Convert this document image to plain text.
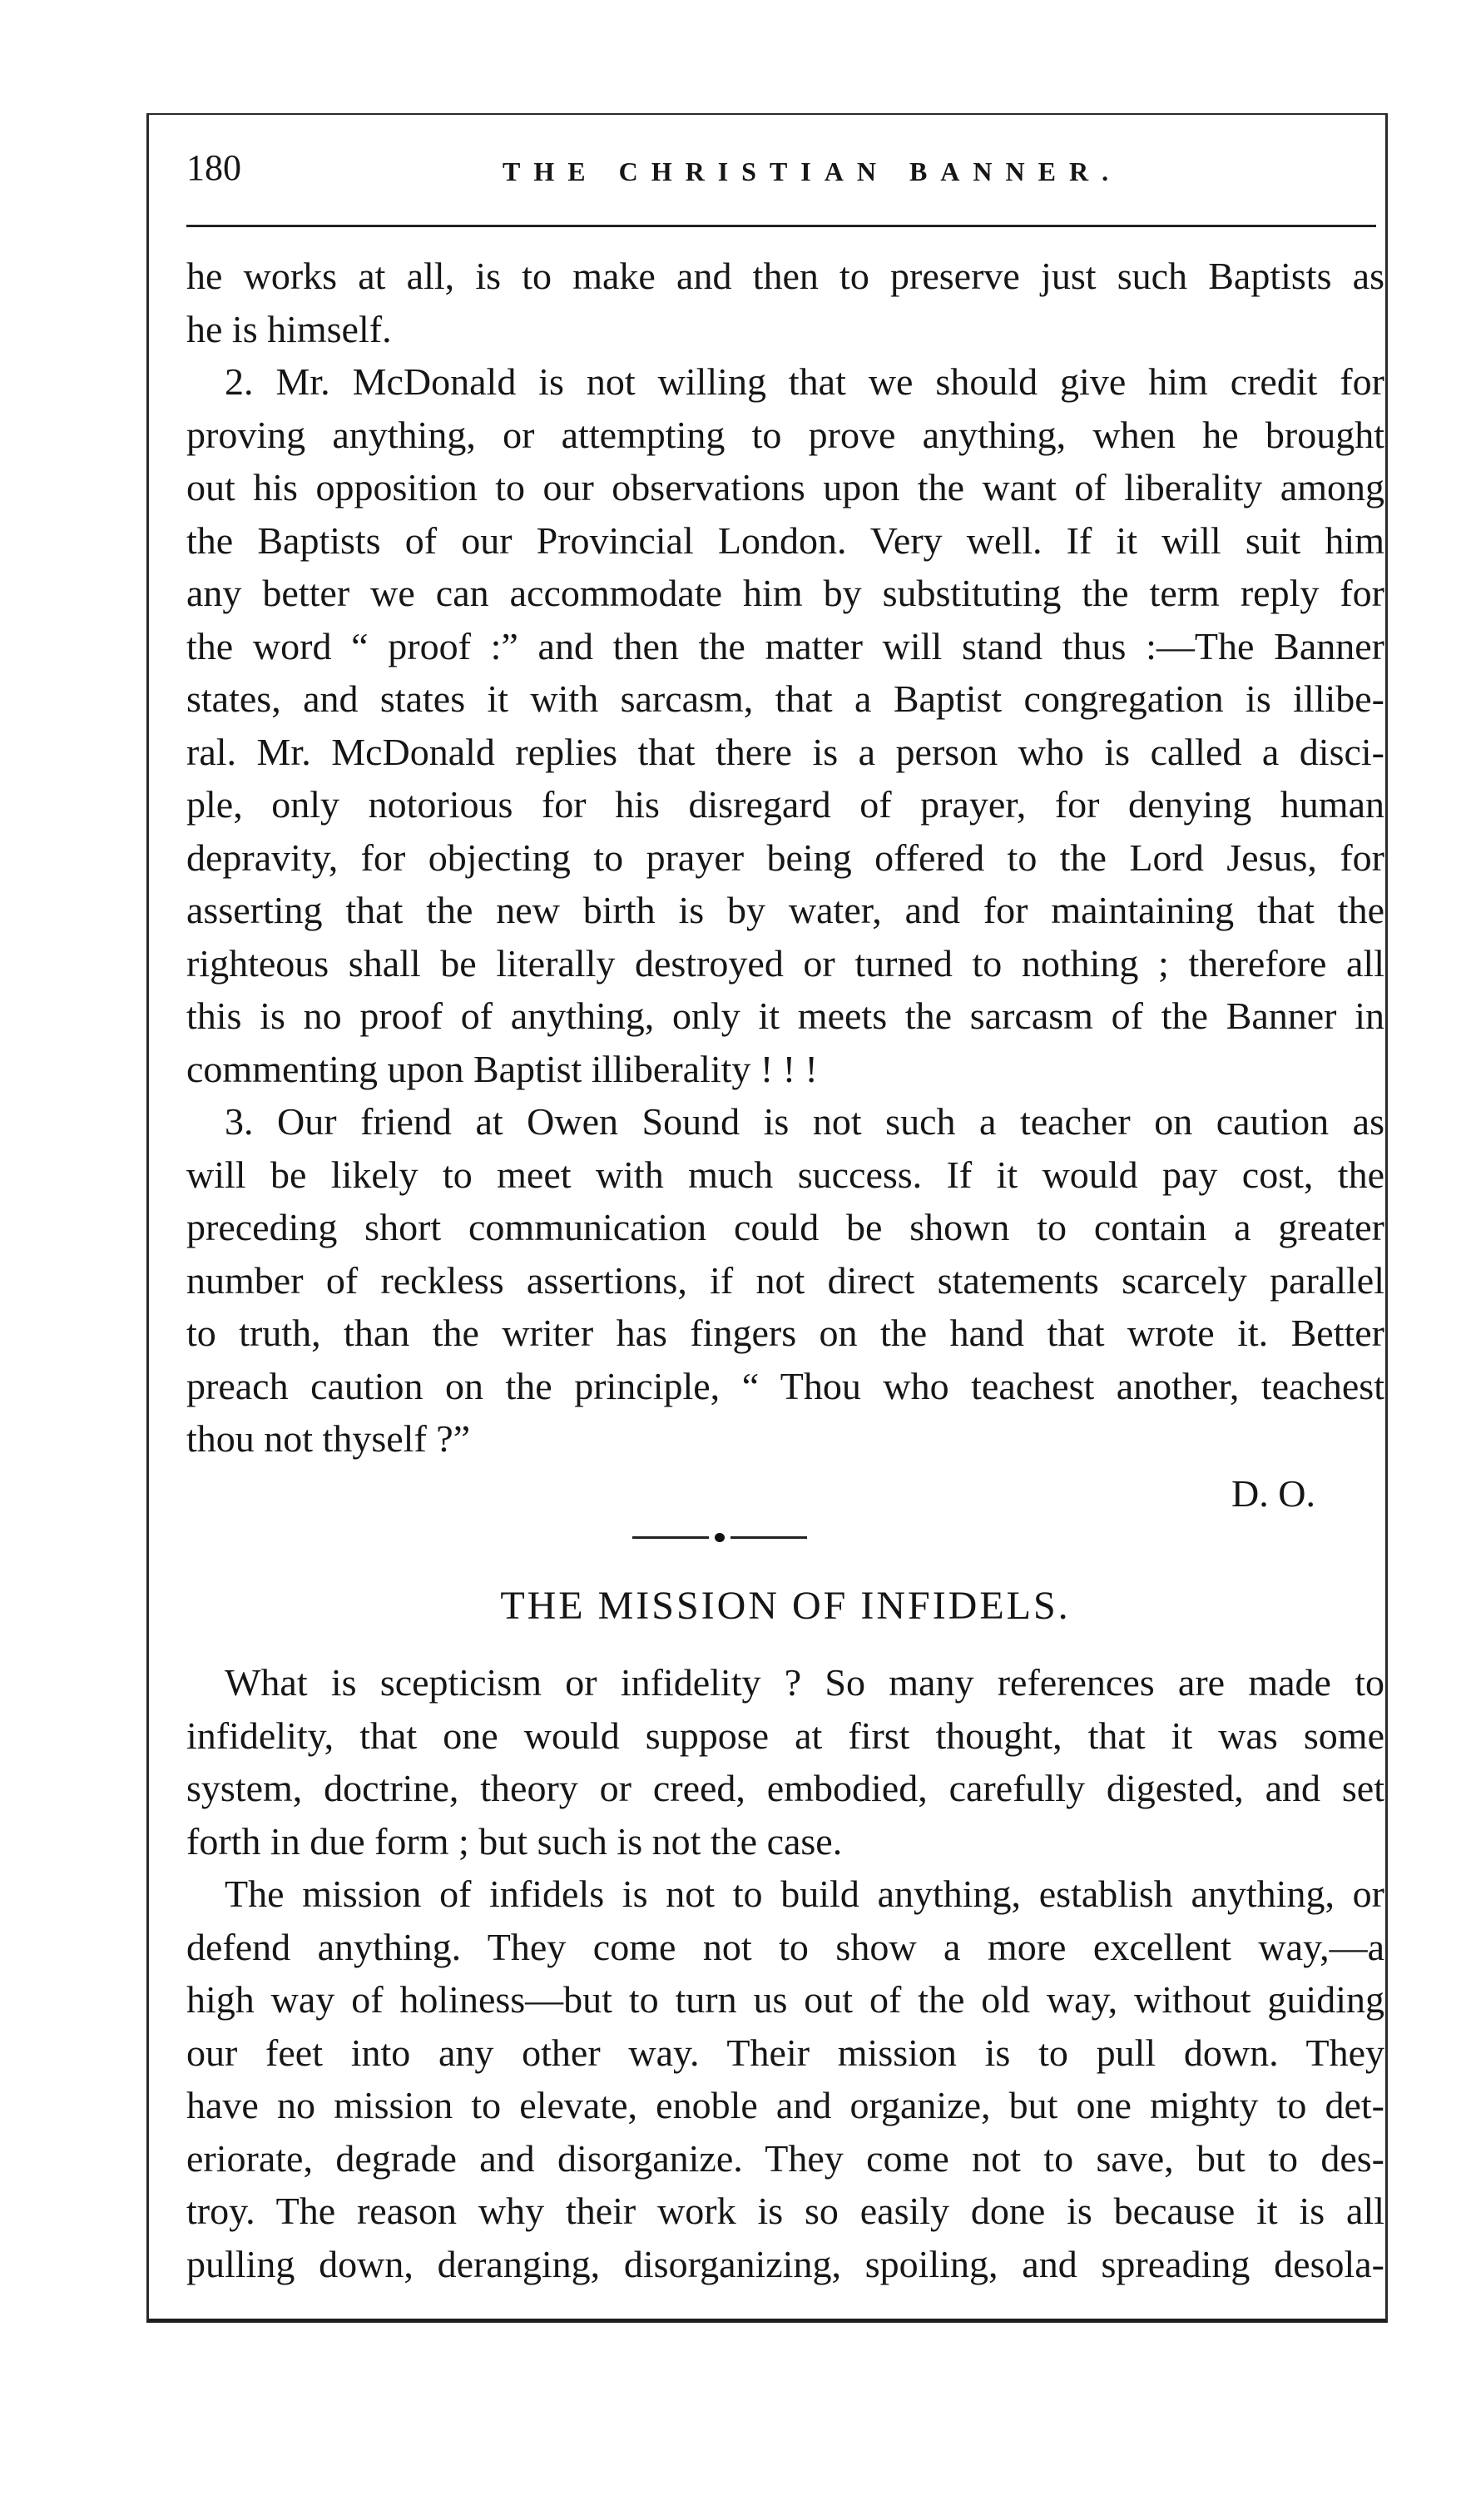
180	THE CHRISTIAN BANNER.
he works at all, is to make and then to preserve just such Baptists as
he is himself.
2. Mr. McDonald is not willing that we should give him credit for
proving anything, or attempting to prove anything, when he brought
out his opposition to our observations upon the want of liberality among
the Baptists of our Provincial London. Very well. If it will suit him
any better we can accommodate him by substituting the term reply for
the word “ proof :” and then the matter will stand thus :—The Banner
states, and states it with sarcasm, that a Baptist congregation is illibe-
ral. Mr. McDonald replies that there is a person who is called a disci-
ple, only notorious for his disregard of prayer, for denying human
depravity, for objecting to prayer being offered to the Lord Jesus, for
asserting that the new birth is by water, and for maintaining that the
righteous shall be literally destroyed or turned to nothing ; therefore all
this is no proof of anything, only it meets the sarcasm of the Banner in
commenting upon Baptist illiberality ! ! !
3. Our friend at Owen Sound is not such a teacher on caution as
will be likely to meet with much success. If it would pay cost, the
preceding short communication could be shown to contain a greater
number of reckless assertions, if not direct statements scarcely parallel
to truth, than the writer has fingers on the hand that wrote it. Better
preach caution on the principle, “ Thou who teachest another, teachest
thou not thyself ?”
D. O.
THE MISSION OF INFIDELS.
What is scepticism or infidelity ? So many references are made to
infidelity, that one would suppose at first thought, that it was some
system, doctrine, theory or creed, embodied, carefully digested, and set
forth in due form ; but such is not the case.
The mission of infidels is not to build anything, establish anything, or
defend anything. They come not to show a more excellent way,—a
high way of holiness—but to turn us out of the old way, without guiding
our feet into any other way. Their mission is to pull down. They
have no mission to elevate, enoble and organize, but one mighty to det-
eriorate, degrade and disorganize. They come not to save, but to des-
troy. The reason why their work is so easily done is because it is all
pulling down, deranging, disorganizing, spoiling, and spreading desola-
